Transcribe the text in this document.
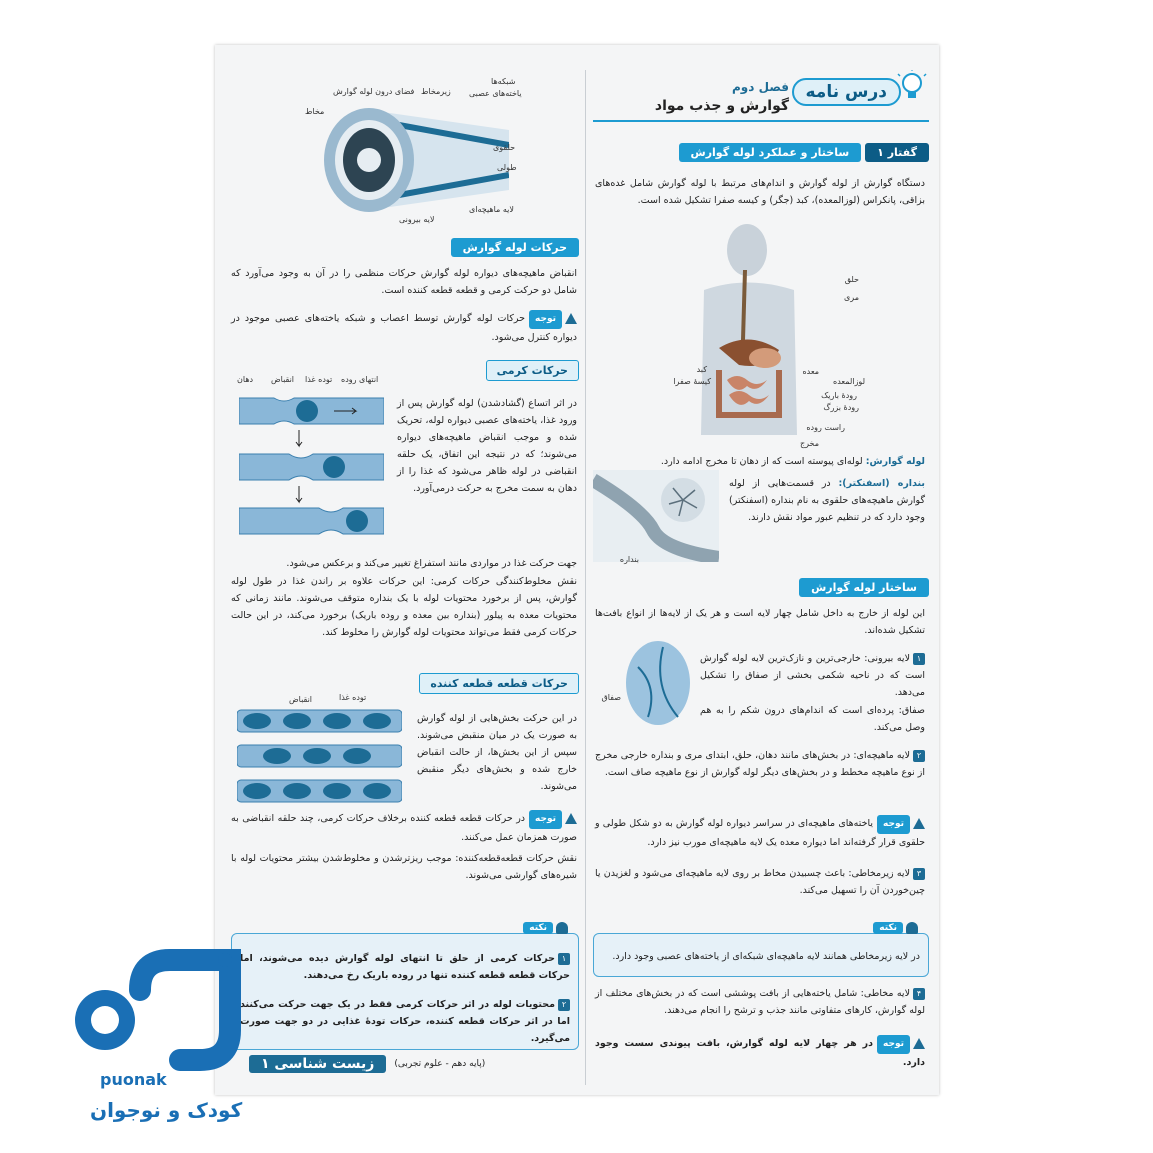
درس نامه
فصل دوم
گوارش و جذب مواد
گفتار ۱
ساختار و عملکرد لوله گوارش

دستگاه گوارش از لوله گوارش و اندام‌های مرتبط با لوله گوارش شامل غده‌های بزاقی، پانکراس (لوزالمعده)، کبد (جگر) و کیسه صفرا تشکیل شده است.

حلق
مری
کبد
کیسهٔ صفرا
معده
لوزالمعده
رودهٔ باریک
رودهٔ بزرگ
راست روده
مخرج

لوله گوارش: لوله‌ای پیوسته است که از دهان تا مخرج ادامه دارد.

بنداره

بنداره (اسفنکتر): در قسمت‌هایی از لوله گوارش ماهیچه‌های حلقوی به نام بنداره (اسفنکتر) وجود دارد که در تنظیم عبور مواد نقش دارند.

ساختار لوله گوارش

این لوله از خارج به داخل شامل چهار لایه است و هر یک از لایه‌ها از انواع بافت‌ها تشکیل شده‌اند.

صفاق

۱لایه بیرونی: خارجی‌ترین و نازک‌ترین لایه لوله گوارش است که در ناحیه شکمی بخشی از صفاق را تشکیل می‌دهد.

صفاق: پرده‌ای است که اندام‌های درون شکم را به هم وصل می‌کند.

۲لایه ماهیچه‌ای: در بخش‌های مانند دهان، حلق، ابتدای مری و بنداره خارجی مخرج از نوع ماهیچه مخطط و در بخش‌های دیگر لوله گوارش از نوع ماهیچه صاف است.

توجهیاخته‌های ماهیچه‌ای در سراسر دیواره لوله گوارش به دو شکل طولی و حلقوی قرار گرفته‌اند اما دیواره معده یک لایه ماهیچه‌ای مورب نیز دارد.

۳لایه زیرمخاطی: باعث چسبیدن مخاط بر روی لایه ماهیچه‌ای می‌شود و لغزیدن یا چین‌خوردن آن را تسهیل می‌کند.

نکته

در لایه زیرمخاطی همانند لایه ماهیچه‌ای شبکه‌ای از یاخته‌های عصبی وجود دارد.

۴لایه مخاطی: شامل یاخته‌هایی از بافت پوششی است که در بخش‌های مختلف از لوله گوارش، کارهای متفاوتی مانند جذب و ترشح را انجام می‌دهند.

توجهدر هر چهار لایه لوله گوارش، بافت پیوندی سست وجود دارد.

شبکه‌ها
یاخته‌های عصبی
زیرمخاط
فضای درون لوله گوارش
مخاط
حلقوی
طولی
لایه ماهیچه‌ای
لایه بیرونی
حرکات لوله گوارش

انقباض ماهیچه‌های دیواره لوله گوارش حرکات منظمی را در آن به وجود می‌آورد که شامل دو حرکت کرمی و قطعه قطعه کننده است.

توجهحرکات لوله گوارش توسط اعصاب و شبکه یاخته‌های عصبی موجود در دیواره کنترل می‌شود.

حرکات کرمی
دهان انقباض توده غذا انتهای روده

در اثر اتساع (گشادشدن) لوله گوارش پس از ورود غذا، یاخته‌های عصبی دیواره لوله، تحریک شده و موجب انقباض ماهیچه‌های دیواره می‌شوند؛ که در نتیجه این اتفاق، یک حلقه انقباضی در لوله ظاهر می‌شود که غذا را از دهان به سمت مخرج به حرکت درمی‌آورد.

جهت حرکت غذا در مواردی مانند استفراغ تغییر می‌کند و برعکس می‌شود.

نقش مخلوط‌کنندگی حرکات کرمی: این حرکات علاوه بر راندن غذا در طول لوله گوارش، پس از برخورد محتویات لوله با یک بنداره متوقف می‌شوند. مانند زمانی که محتویات معده به پیلور (بنداره بین معده و روده باریک) برخورد می‌کند، در این حالت حرکات کرمی فقط می‌تواند محتویات لوله گوارش را مخلوط کند.

حرکات قطعه قطعه کننده
انقباض	توده غذا

در این حرکت بخش‌هایی از لوله گوارش به صورت یک در میان منقبض می‌شوند. سپس از این بخش‌ها، از حالت انقباض خارج شده و بخش‌های دیگر منقبض می‌شوند.

توجهدر حرکات قطعه قطعه کننده برخلاف حرکات کرمی، چند حلقه انقباضی به صورت همزمان عمل می‌کنند.

نقش حرکات قطعه‌قطعه‌کننده: موجب ریزترشدن و مخلوط‌شدن بیشتر محتویات لوله با شیره‌های گوارشی می‌شوند.

نکته

۱حرکات کرمی از حلق تا انتهای لوله گوارش دیده می‌شوند، اما حرکات قطعه قطعه کننده تنها در روده باریک رخ می‌دهند.

۲محتویات لوله در اثر حرکات کرمی فقط در یک جهت حرکت می‌کنند اما در اثر حرکات قطعه کننده، حرکات تودهٔ غذایی در دو جهت صورت می‌گیرد.

(پایه دهم - علوم تجربی)
زیست شناسی ۱
puonak
کودک و نوجوان
